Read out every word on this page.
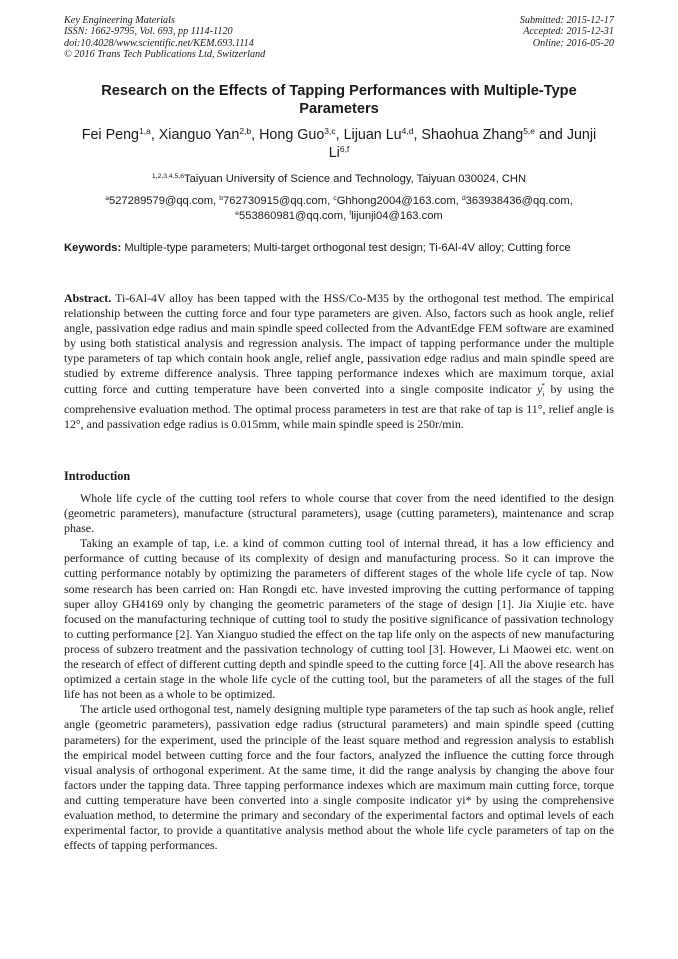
Key Engineering Materials
ISSN: 1662-9795, Vol. 693, pp 1114-1120
doi:10.4028/www.scientific.net/KEM.693.1114
© 2016 Trans Tech Publications Ltd, Switzerland
Submitted: 2015-12-17
Accepted: 2015-12-31
Online: 2016-05-20
Research on the Effects of Tapping Performances with Multiple-Type Parameters
Fei Peng$^{1,a}$, Xianguo Yan$^{2,b}$, Hong Guo$^{3,c}$, Lijuan Lu$^{4,d}$, Shaohua Zhang$^{5,e}$ and Junji Li$^{6,f}$
$^{1,2,3,4,5,6}$Taiyuan University of Science and Technology, Taiyuan 030024, CHN
$^a$527289579@qq.com, $^b$762730915@qq.com, $^c$Ghhong2004@163.com, $^d$363938436@qq.com,
$^e$553860981@qq.com, $^f$lijunji04@163.com
Keywords: Multiple-type parameters; Multi-target orthogonal test design; Ti-6Al-4V alloy; Cutting force
Abstract. Ti-6Al-4V alloy has been tapped with the HSS/Co-M35 by the orthogonal test method. The empirical relationship between the cutting force and four type parameters are given. Also, factors such as hook angle, relief angle, passivation edge radius and main spindle speed collected from the AdvantEdge FEM software are examined by using both statistical analysis and regression analysis. The impact of tapping performance under the multiple type parameters of tap which contain hook angle, relief angle, passivation edge radius and main spindle speed are studied by extreme difference analysis. Three tapping performance indexes which are maximum torque, axial cutting force and cutting temperature have been converted into a single composite indicator $y_i^*$ by using the comprehensive evaluation method. The optimal process parameters in test are that rake of tap is 11°, relief angle is 12°, and passivation edge radius is 0.015mm, while main spindle speed is 250r/min.
Introduction

Whole life cycle of the cutting tool refers to whole course that cover from the need identified to the design (geometric parameters), manufacture (structural parameters), usage (cutting parameters), maintenance and scrap phase.

Taking an example of tap, i.e. a kind of common cutting tool of internal thread, it has a low efficiency and performance of cutting because of its complexity of design and manufacturing process. So it can improve the cutting performance notably by optimizing the parameters of different stages of the whole life cycle of tap. Now some research has been carried on: Han Rongdi etc. have invested improving the cutting performance of tapping super alloy GH4169 only by changing the geometric parameters of the stage of design [1]. Jia Xiujie etc. have focused on the manufacturing technique of cutting tool to study the positive significance of passivation technology to cutting performance [2]. Yan Xianguo studied the effect on the tap life only on the aspects of new manufacturing process of subzero treatment and the passivation technology of cutting tool [3]. However, Li Maowei etc. went on the research of effect of different cutting depth and spindle speed to the cutting force [4]. All the above research has optimized a certain stage in the whole life cycle of the cutting tool, but the parameters of all the stages of the full life has not been as a whole to be optimized.

The article used orthogonal test, namely designing multiple type parameters of the tap such as hook angle, relief angle (geometric parameters), passivation edge radius (structural parameters) and main spindle speed (cutting parameters) for the experiment, used the principle of the least square method and regression analysis to establish the empirical model between cutting force and the four factors, analyzed the influence the cutting force through visual analysis of orthogonal experiment. At the same time, it did the range analysis by changing the above four factors under the tapping data. Three tapping performance indexes which are maximum main cutting force, torque and cutting temperature have been converted into a single composite indicator yi* by using the comprehensive evaluation method, to determine the primary and secondary of the experimental factors and optimal levels of each experimental factor, to provide a quantitative analysis method about the whole life cycle parameters of tap on the effects of tapping performances.
